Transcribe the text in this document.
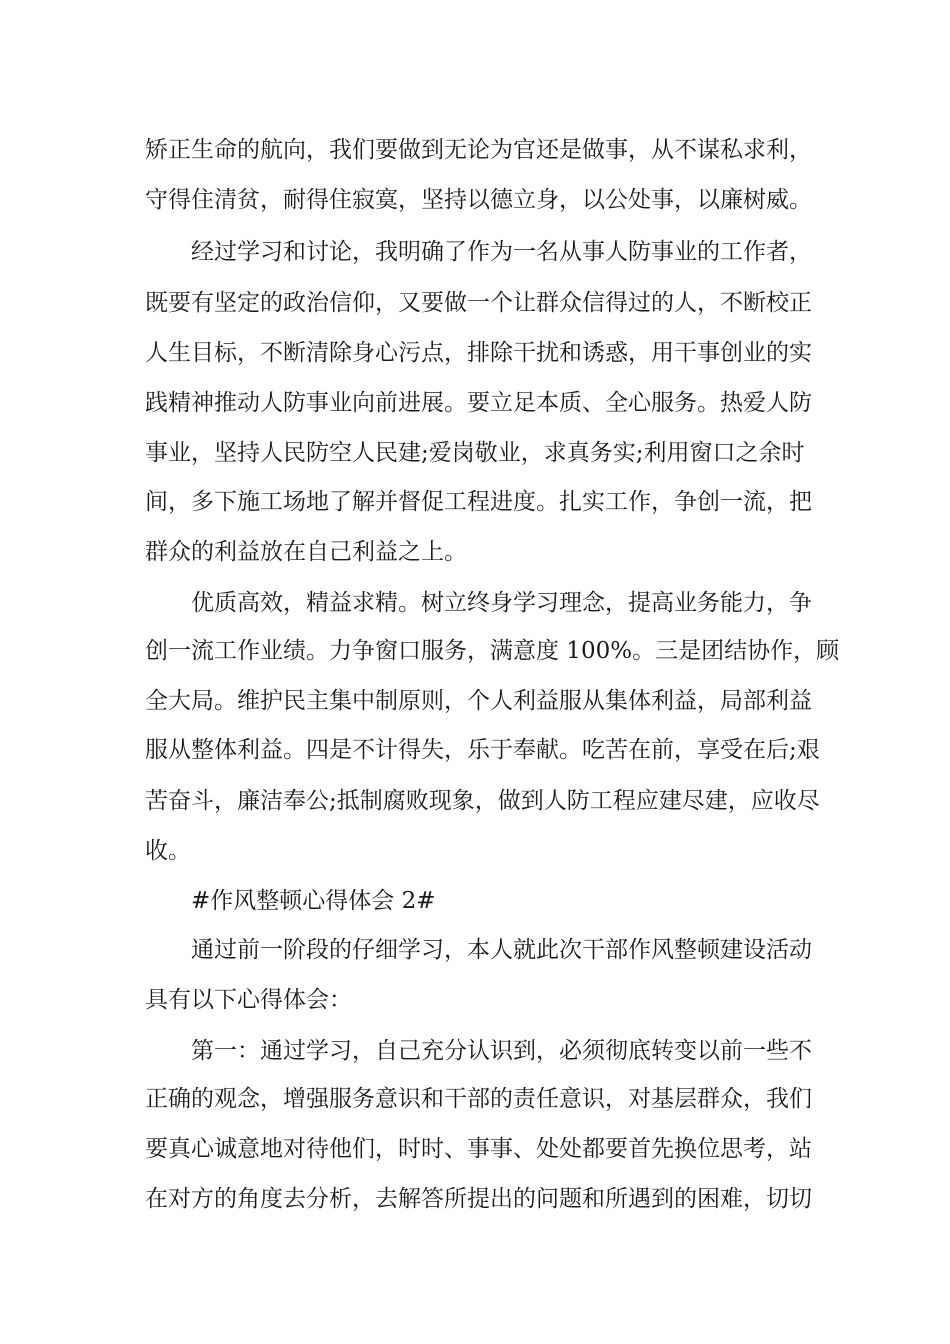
矫正生命的航向，我们要做到无论为官还是做事，从不谋私求利，

守得住清贫，耐得住寂寞，坚持以德立身，以公处事，以廉树威。

经过学习和讨论，我明确了作为一名从事人防事业的工作者，

既要有坚定的政治信仰，又要做一个让群众信得过的人，不断校正

人生目标，不断清除身心污点，排除干扰和诱惑，用干事创业的实

践精神推动人防事业向前进展。要立足本质、全心服务。热爱人防

事业，坚持人民防空人民建;爱岗敬业，求真务实;利用窗口之余时

间，多下施工场地了解并督促工程进度。扎实工作，争创一流，把

群众的利益放在自己利益之上。

优质高效，精益求精。树立终身学习理念，提高业务能力，争

创一流工作业绩。力争窗口服务，满意度 100%。三是团结协作，顾

全大局。维护民主集中制原则，个人利益服从集体利益，局部利益

服从整体利益。四是不计得失，乐于奉献。吃苦在前，享受在后;艰

苦奋斗，廉洁奉公;抵制腐败现象，做到人防工程应建尽建，应收尽

收。

#作风整顿心得体会 2#

通过前一阶段的仔细学习，本人就此次干部作风整顿建设活动

具有以下心得体会：

第一：通过学习，自己充分认识到，必须彻底转变以前一些不

正确的观念，增强服务意识和干部的责任意识，对基层群众，我们

要真心诚意地对待他们，时时、事事、处处都要首先换位思考，站

在对方的角度去分析，去解答所提出的问题和所遇到的困难，切切
